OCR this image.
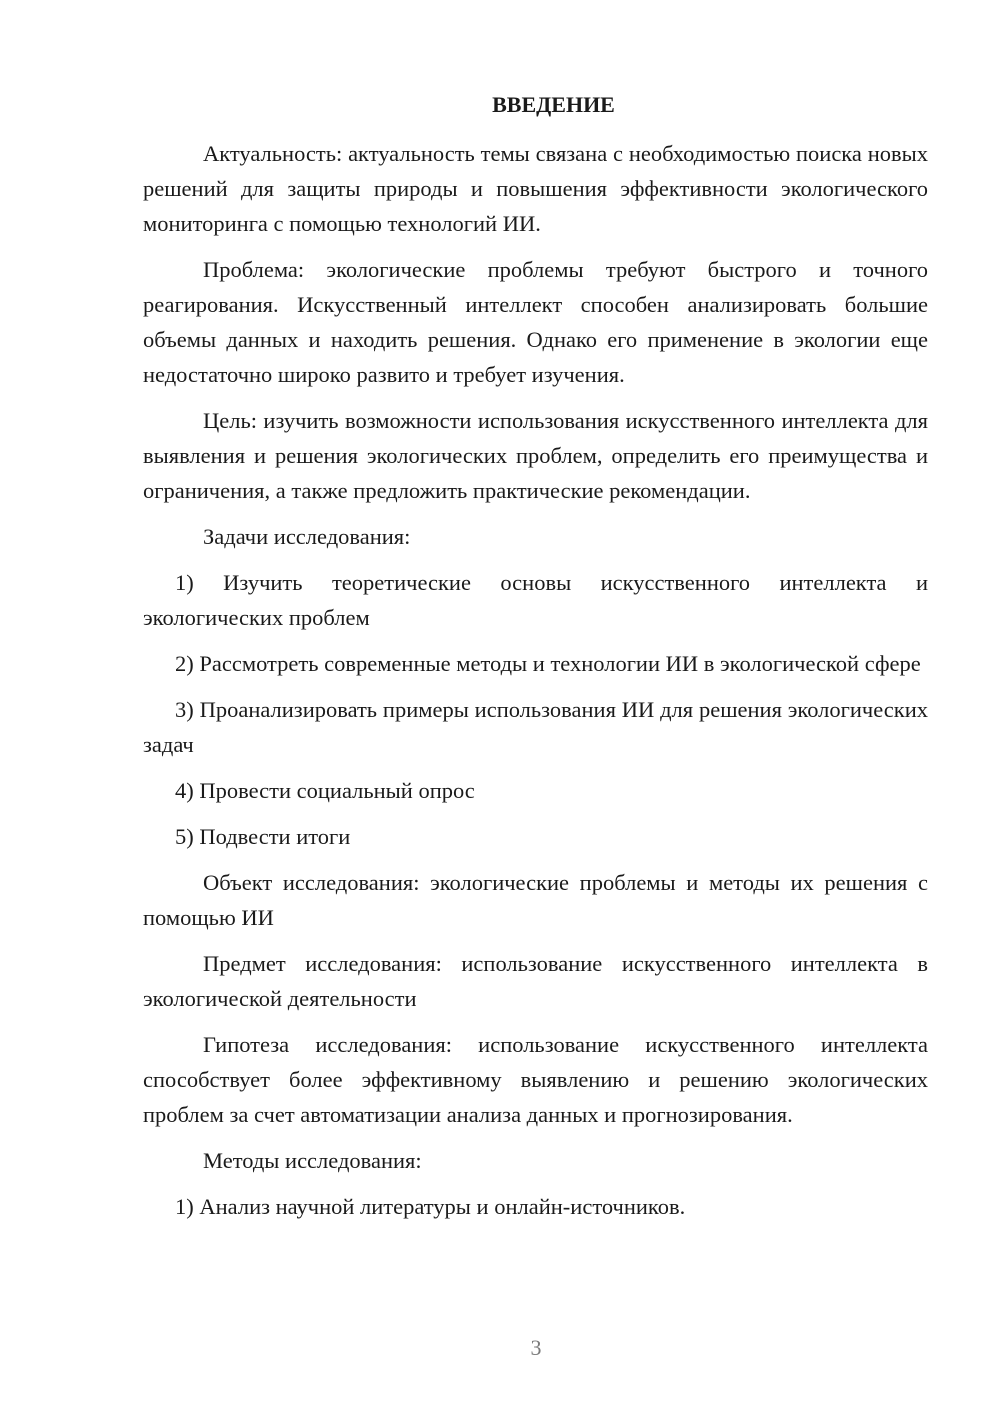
ВВЕДЕНИЕ

Актуальность: актуальность темы связана с необходимостью поиска новых решений для защиты природы и повышения эффективности экологического мониторинга с помощью технологий ИИ.

Проблема: экологические проблемы требуют быстрого и точного реагирования. Искусственный интеллект способен анализировать большие объемы данных и находить решения. Однако его применение в экологии еще недостаточно широко развито и требует изучения.

Цель: изучить возможности использования искусственного интеллекта для выявления и решения экологических проблем, определить его преимущества и ограничения, а также предложить практические рекомендации.

Задачи исследования:

1) Изучить теоретические основы искусственного интеллекта и экологических проблем

2) Рассмотреть современные методы и технологии ИИ в экологической сфере

3) Проанализировать примеры использования ИИ для решения экологических задач

4) Провести социальный опрос

5) Подвести итоги

Объект исследования: экологические проблемы и методы их решения с помощью ИИ

Предмет исследования: использование искусственного интеллекта в экологической деятельности

Гипотеза исследования: использование искусственного интеллекта способствует более эффективному выявлению и решению экологических проблем за счет автоматизации анализа данных и прогнозирования.

Методы исследования:

1) Анализ научной литературы и онлайн-источников.

3
